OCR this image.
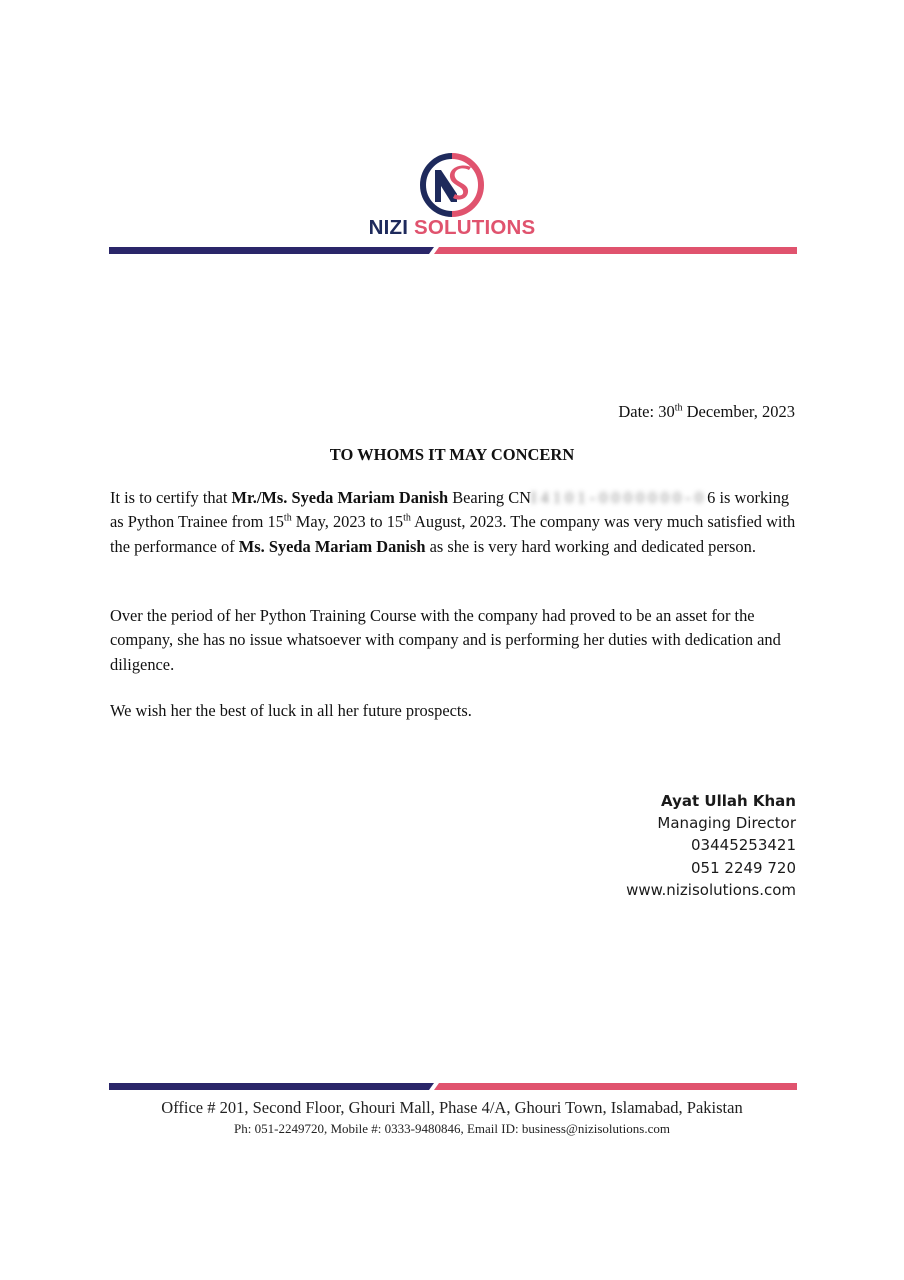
NIZI SOLUTIONS
Date: 30th December, 2023
TO WHOMS IT MAY CONCERN

It is to certify that Mr./Ms. Syeda Mariam Danish Bearing CNI 4 1 0 1 - 0 0 0 0 0 0 0 - 0 6 is working as Python Trainee from 15th May, 2023 to 15th August, 2023. The company was very much satisfied with the performance of Ms. Syeda Mariam Danish as she is very hard working and dedicated person.

Over the period of her Python Training Course with the company had proved to be an asset for the company, she has no issue whatsoever with company and is performing her duties with dedication and diligence.

We wish her the best of luck in all her future prospects.

Ayat Ullah Khan
Managing Director
03445253421
051 2249 720
www.nizisolutions.com
Office # 201, Second Floor, Ghouri Mall, Phase 4/A, Ghouri Town, Islamabad, Pakistan
Ph: 051-2249720, Mobile #: 0333-9480846, Email ID: business@nizisolutions.com
